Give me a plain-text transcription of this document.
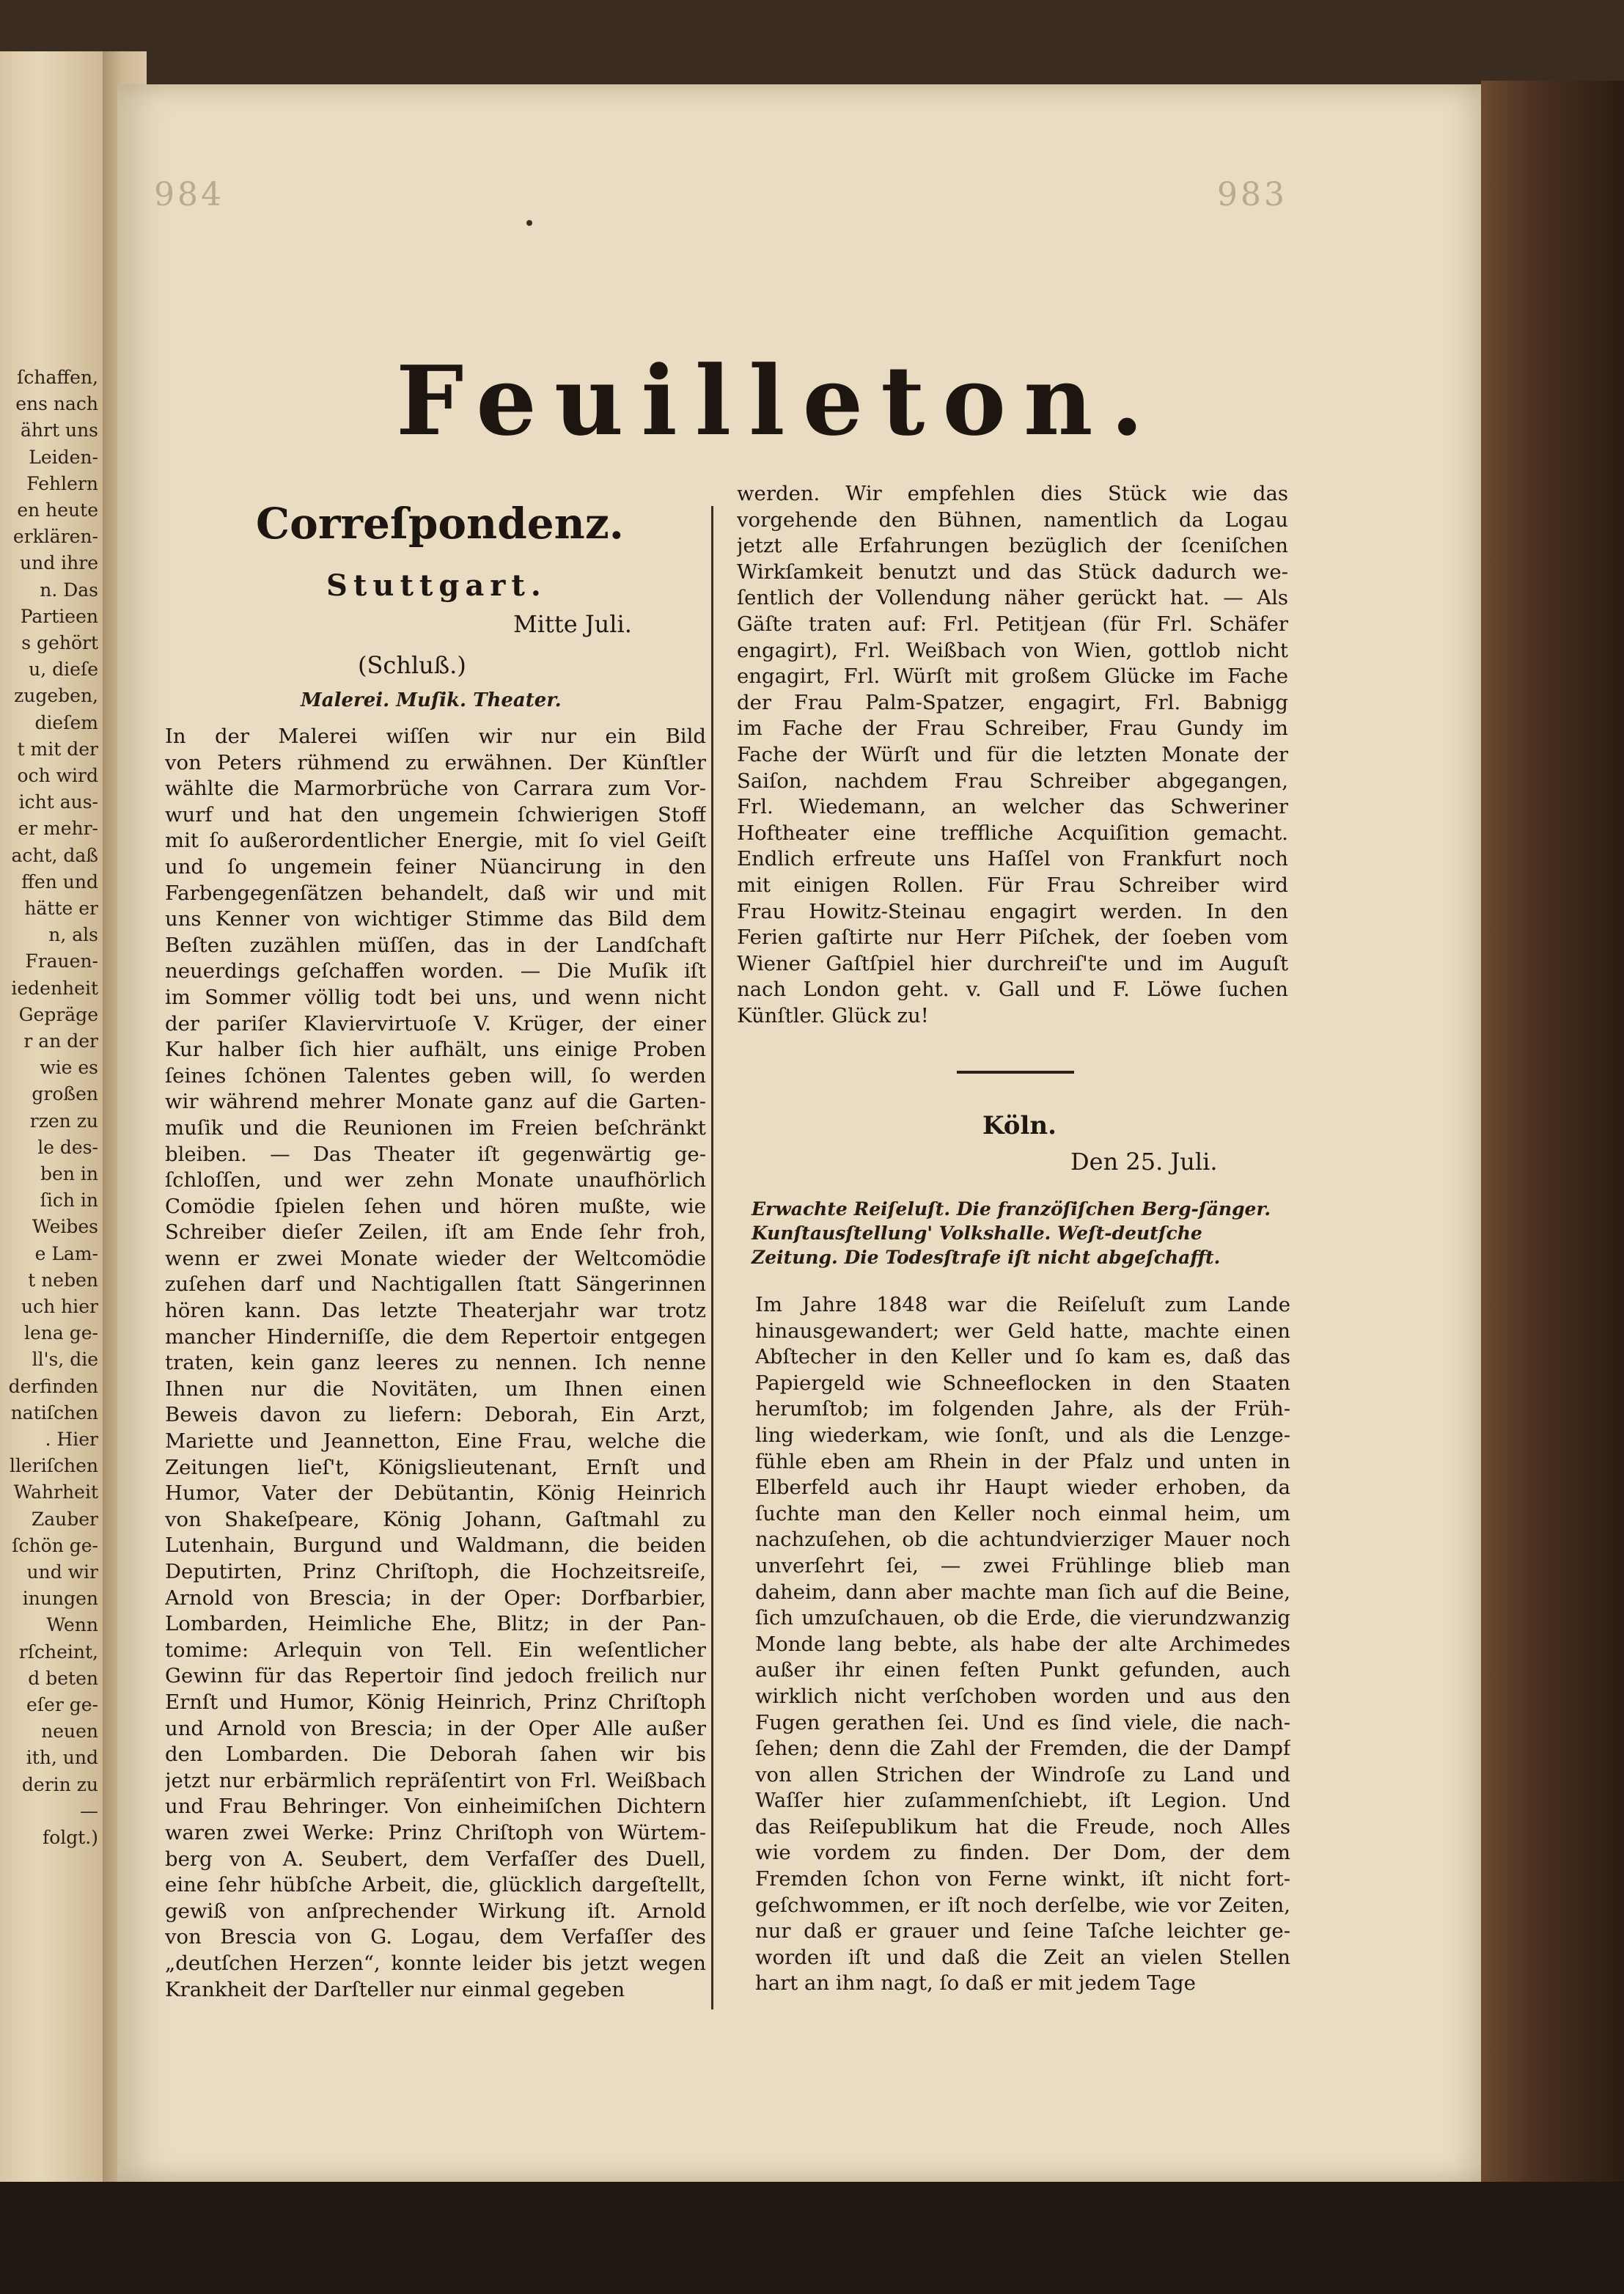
ſchaffen,
ens nach
ährt uns
Leiden-
Fehlern
en heute
erklären-
und ihre
n. Das
Partieen
s gehört
u, dieſe
zugeben,
dieſem
t mit der
och wird
icht aus-
er mehr-
acht, daß
ffen und
hätte er
n, als
Frauen-
iedenheit
Gepräge
r an der
wie es
großen
rzen zu
le des-
ben in
ſich in
Weibes
e Lam-
t neben
uch hier
lena ge-
ll's, die
derfinden
natiſchen
. Hier
lleriſchen
Wahrheit
Zauber
ſchön ge-
und wir
inungen
Wenn
rſcheint,
d beten
eſer ge-
neuen
ith, und
derin zu
—
folgt.)
984	983
Feuilleton.
Correſpondenz.
Stuttgart.
Mitte Juli.
(Schluß.)
Malerei. Muſik. Theater.
In der Malerei wiſſen wir nur ein Bild
von Peters rühmend zu erwähnen. Der Künſtler
wählte die Marmorbrüche von Carrara zum Vor-
wurf und hat den ungemein ſchwierigen Stoff
mit ſo außerordentlicher Energie, mit ſo viel Geiſt
und ſo ungemein feiner Nüancirung in den
Farbengegenſätzen behandelt, daß wir und mit
uns Kenner von wichtiger Stimme das Bild dem
Beſten zuzählen müſſen, das in der Landſchaft
neuerdings geſchaffen worden. — Die Muſik iſt
im Sommer völlig todt bei uns, und wenn nicht
der pariſer Klaviervirtuoſe V. Krüger, der einer
Kur halber ſich hier aufhält, uns einige Proben
ſeines ſchönen Talentes geben will, ſo werden
wir während mehrer Monate ganz auf die Garten-
muſik und die Reunionen im Freien beſchränkt
bleiben. — Das Theater iſt gegenwärtig ge-
ſchloſſen, und wer zehn Monate unaufhörlich
Comödie ſpielen ſehen und hören mußte, wie
Schreiber dieſer Zeilen, iſt am Ende ſehr froh,
wenn er zwei Monate wieder der Weltcomödie
zuſehen darf und Nachtigallen ſtatt Sängerinnen
hören kann. Das letzte Theaterjahr war trotz
mancher Hinderniſſe, die dem Repertoir entgegen
traten, kein ganz leeres zu nennen. Ich nenne
Ihnen nur die Novitäten, um Ihnen einen
Beweis davon zu liefern: Deborah, Ein Arzt,
Mariette und Jeannetton, Eine Frau, welche die
Zeitungen lieſ't, Königslieutenant, Ernſt und
Humor, Vater der Debütantin, König Heinrich
von Shakeſpeare, König Johann, Gaſtmahl zu
Lutenhain, Burgund und Waldmann, die beiden
Deputirten, Prinz Chriſtoph, die Hochzeitsreiſe,
Arnold von Brescia; in der Oper: Dorfbarbier,
Lombarden, Heimliche Ehe, Blitz; in der Pan-
tomime: Arlequin von Tell. Ein weſentlicher
Gewinn für das Repertoir ſind jedoch freilich nur
Ernſt und Humor, König Heinrich, Prinz Chriſtoph
und Arnold von Brescia; in der Oper Alle außer
den Lombarden. Die Deborah ſahen wir bis
jetzt nur erbärmlich repräſentirt von Frl. Weißbach
und Frau Behringer. Von einheimiſchen Dichtern
waren zwei Werke: Prinz Chriſtoph von Würtem-
berg von A. Seubert, dem Verfaſſer des Duell,
eine ſehr hübſche Arbeit, die, glücklich dargeſtellt,
gewiß von anſprechender Wirkung iſt. Arnold
von Brescia von G. Logau, dem Verfaſſer des
„deutſchen Herzen“, konnte leider bis jetzt wegen
Krankheit der Darſteller nur einmal gegeben
werden. Wir empfehlen dies Stück wie das
vorgehende den Bühnen, namentlich da Logau
jetzt alle Erfahrungen bezüglich der ſceniſchen
Wirkſamkeit benutzt und das Stück dadurch we-
ſentlich der Vollendung näher gerückt hat. — Als
Gäſte traten auf: Frl. Petitjean (für Frl. Schäfer
engagirt), Frl. Weißbach von Wien, gottlob nicht
engagirt, Frl. Würſt mit großem Glücke im Fache
der Frau Palm-Spatzer, engagirt, Frl. Babnigg
im Fache der Frau Schreiber, Frau Gundy im
Fache der Würſt und für die letzten Monate der
Saiſon, nachdem Frau Schreiber abgegangen,
Frl. Wiedemann, an welcher das Schweriner
Hoftheater eine treffliche Acquiſition gemacht.
Endlich erfreute uns Haſſel von Frankfurt noch
mit einigen Rollen. Für Frau Schreiber wird
Frau Howitz-Steinau engagirt werden. In den
Ferien gaſtirte nur Herr Piſchek, der ſoeben vom
Wiener Gaſtſpiel hier durchreiſ'te und im Auguſt
nach London geht. v. Gall und F. Löwe ſuchen
Künſtler. Glück zu!
Köln.
Den 25. Juli.
Erwachte Reiſeluſt. Die franzöſiſchen Berg-ſänger. Kunſtausſtellung' Volkshalle. Weſt-deutſche Zeitung. Die Todesſtrafe iſt nicht abgeſchafft.
Im Jahre 1848 war die Reiſeluſt zum Lande
hinausgewandert; wer Geld hatte, machte einen
Abſtecher in den Keller und ſo kam es, daß das
Papiergeld wie Schneeflocken in den Staaten
herumſtob; im folgenden Jahre, als der Früh-
ling wiederkam, wie ſonſt, und als die Lenzge-
fühle eben am Rhein in der Pfalz und unten in
Elberfeld auch ihr Haupt wieder erhoben, da
ſuchte man den Keller noch einmal heim, um
nachzuſehen, ob die achtundvierziger Mauer noch
unverſehrt ſei, — zwei Frühlinge blieb man
daheim, dann aber machte man ſich auf die Beine,
ſich umzuſchauen, ob die Erde, die vierundzwanzig
Monde lang bebte, als habe der alte Archimedes
außer ihr einen feſten Punkt gefunden, auch
wirklich nicht verſchoben worden und aus den
Fugen gerathen ſei. Und es ſind viele, die nach-
ſehen; denn die Zahl der Fremden, die der Dampf
von allen Strichen der Windroſe zu Land und
Waſſer hier zuſammenſchiebt, iſt Legion. Und
das Reiſepublikum hat die Freude, noch Alles
wie vordem zu finden. Der Dom, der dem
Fremden ſchon von Ferne winkt, iſt nicht fort-
geſchwommen, er iſt noch derſelbe, wie vor Zeiten,
nur daß er grauer und ſeine Taſche leichter ge-
worden iſt und daß die Zeit an vielen Stellen
hart an ihm nagt, ſo daß er mit jedem Tage
